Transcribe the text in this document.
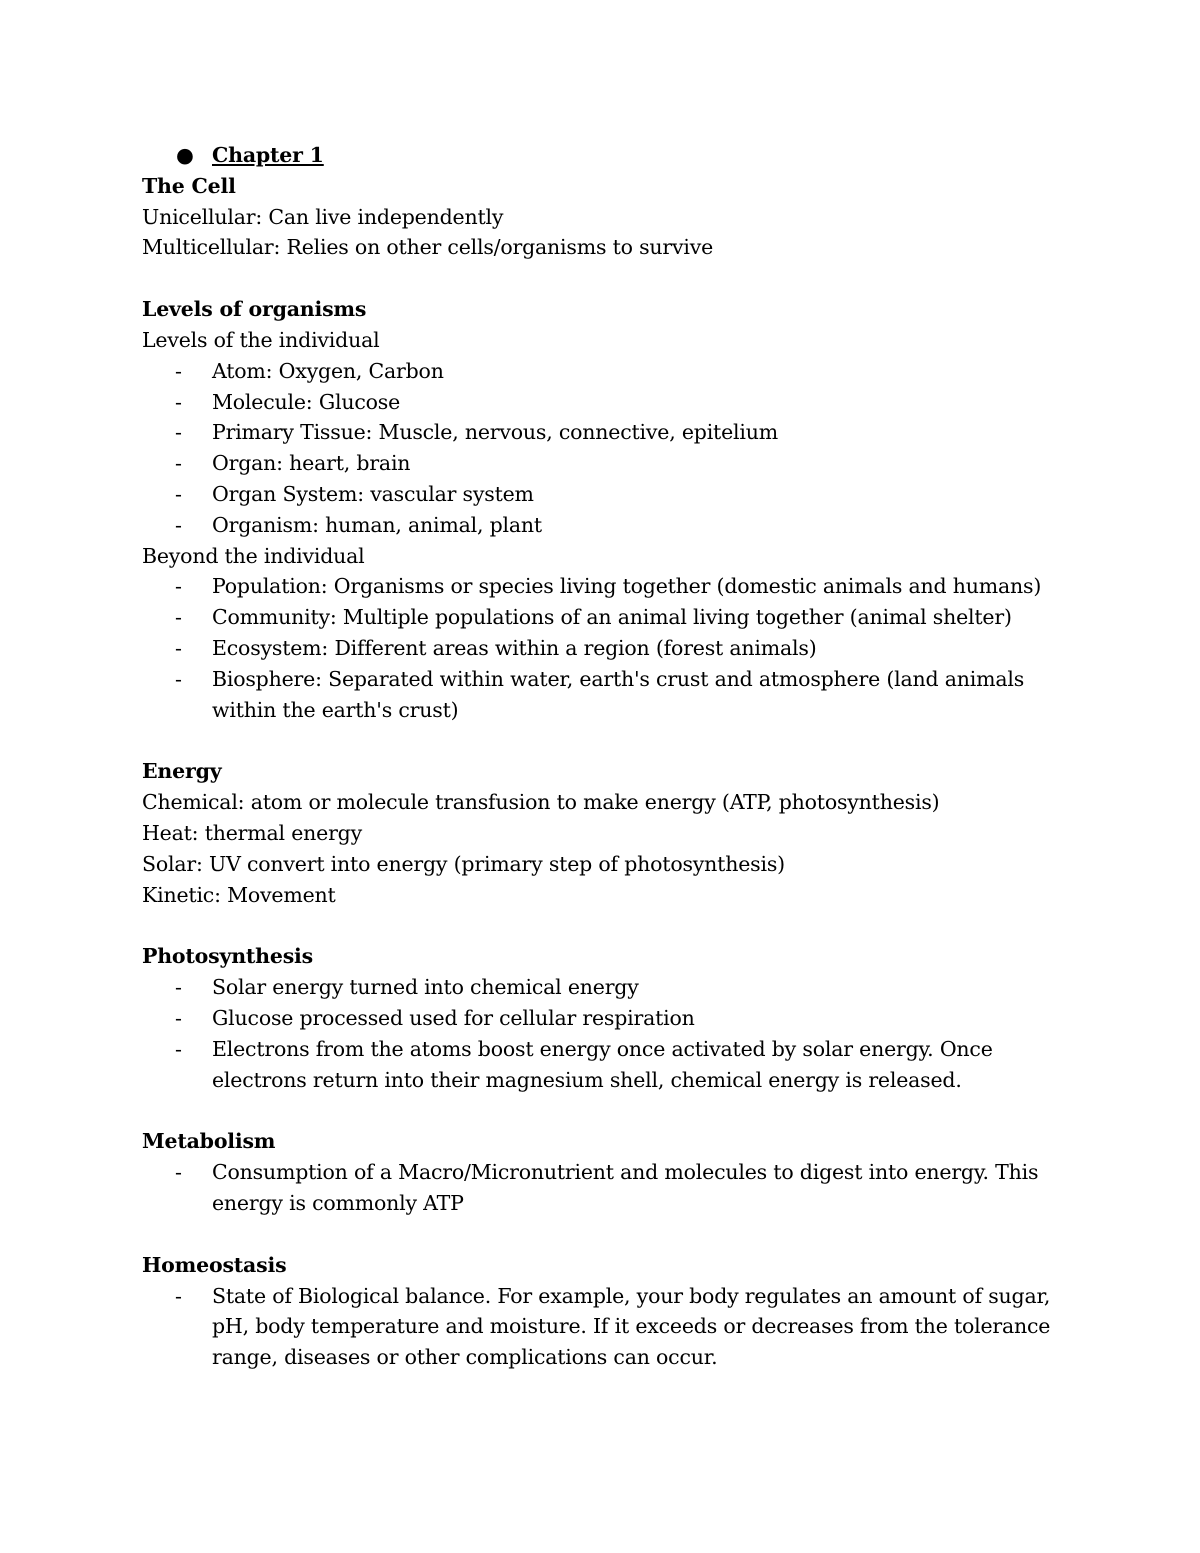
● Chapter 1
The Cell
Unicellular: Can live independently
Multicellular: Relies on other cells/organisms to survive
Levels of organisms
Levels of the individual
- Atom: Oxygen, Carbon
- Molecule: Glucose
- Primary Tissue: Muscle, nervous, connective, epitelium
- Organ: heart, brain
- Organ System: vascular system
- Organism: human, animal, plant
Beyond the individual
- Population: Organisms or species living together (domestic animals and humans)
- Community: Multiple populations of an animal living together (animal shelter)
- Ecosystem: Different areas within a region (forest animals)
- Biosphere: Separated within water, earth's crust and atmosphere (land animals within the earth's crust)
Energy
Chemical: atom or molecule transfusion to make energy (ATP, photosynthesis)
Heat: thermal energy
Solar: UV convert into energy (primary step of photosynthesis)
Kinetic: Movement
Photosynthesis
- Solar energy turned into chemical energy
- Glucose processed used for cellular respiration
- Electrons from the atoms boost energy once activated by solar energy. Once electrons return into their magnesium shell, chemical energy is released.
Metabolism
- Consumption of a Macro/Micronutrient and molecules to digest into energy. This energy is commonly ATP
Homeostasis
- State of Biological balance. For example, your body regulates an amount of sugar, pH, body temperature and moisture. If it exceeds or decreases from the tolerance range, diseases or other complications can occur.
